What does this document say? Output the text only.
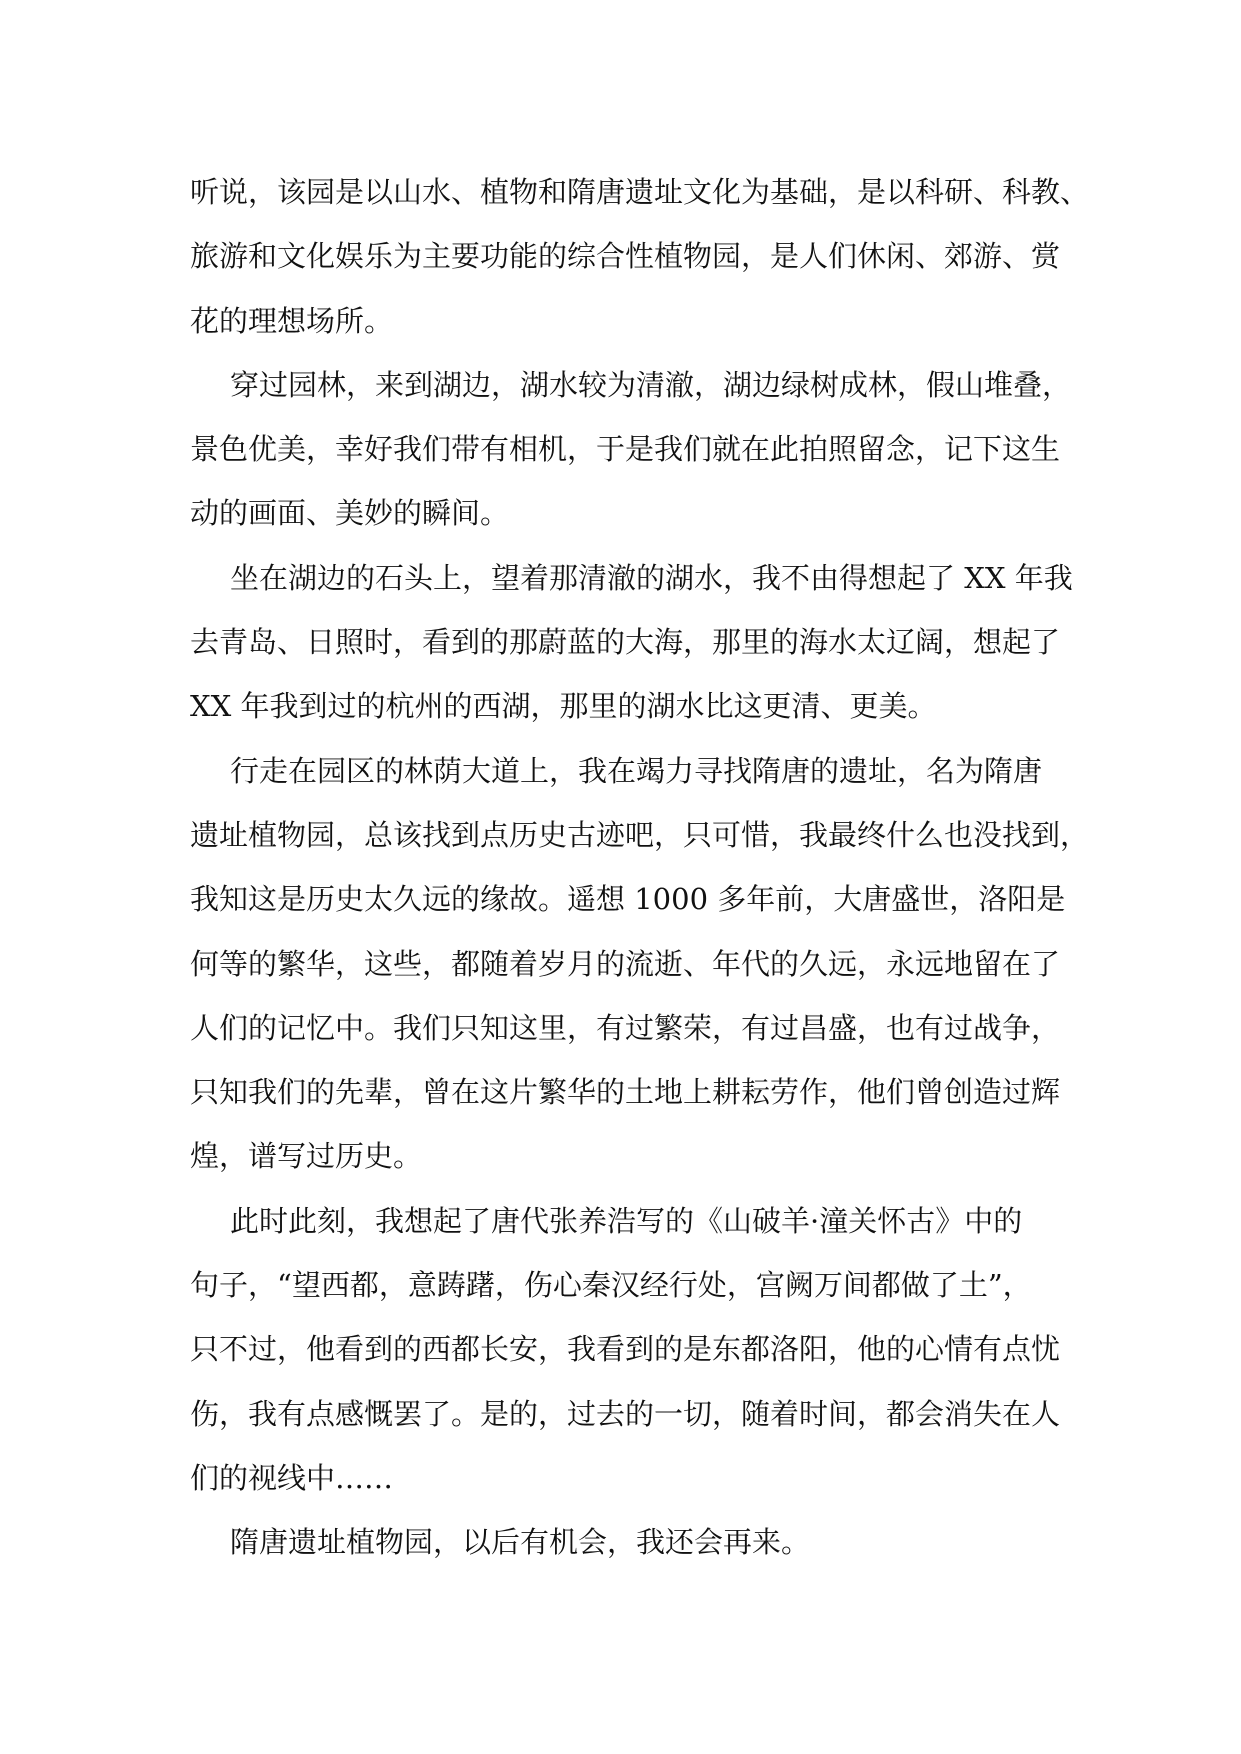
听说，该园是以山水、植物和隋唐遗址文化为基础，是以科研、科教、
旅游和文化娱乐为主要功能的综合性植物园，是人们休闲、郊游、赏
花的理想场所。
穿过园林，来到湖边，湖水较为清澈，湖边绿树成林，假山堆叠，
景色优美，幸好我们带有相机，于是我们就在此拍照留念，记下这生
动的画面、美妙的瞬间。
坐在湖边的石头上，望着那清澈的湖水，我不由得想起了 XX 年我
去青岛、日照时，看到的那蔚蓝的大海，那里的海水太辽阔，想起了
XX 年我到过的杭州的西湖，那里的湖水比这更清、更美。
行走在园区的林荫大道上，我在竭力寻找隋唐的遗址，名为隋唐
遗址植物园，总该找到点历史古迹吧，只可惜，我最终什么也没找到，
我知这是历史太久远的缘故。遥想 1000 多年前，大唐盛世，洛阳是
何等的繁华，这些，都随着岁月的流逝、年代的久远，永远地留在了
人们的记忆中。我们只知这里，有过繁荣，有过昌盛，也有过战争，
只知我们的先辈，曾在这片繁华的土地上耕耘劳作，他们曾创造过辉
煌，谱写过历史。
此时此刻，我想起了唐代张养浩写的《山破羊·潼关怀古》中的
句子，“望西都，意踌躇，伤心秦汉经行处，宫阙万间都做了土”，
只不过，他看到的西都长安，我看到的是东都洛阳，他的心情有点忧
伤，我有点感慨罢了。是的，过去的一切，随着时间，都会消失在人
们的视线中……
隋唐遗址植物园，以后有机会，我还会再来。
